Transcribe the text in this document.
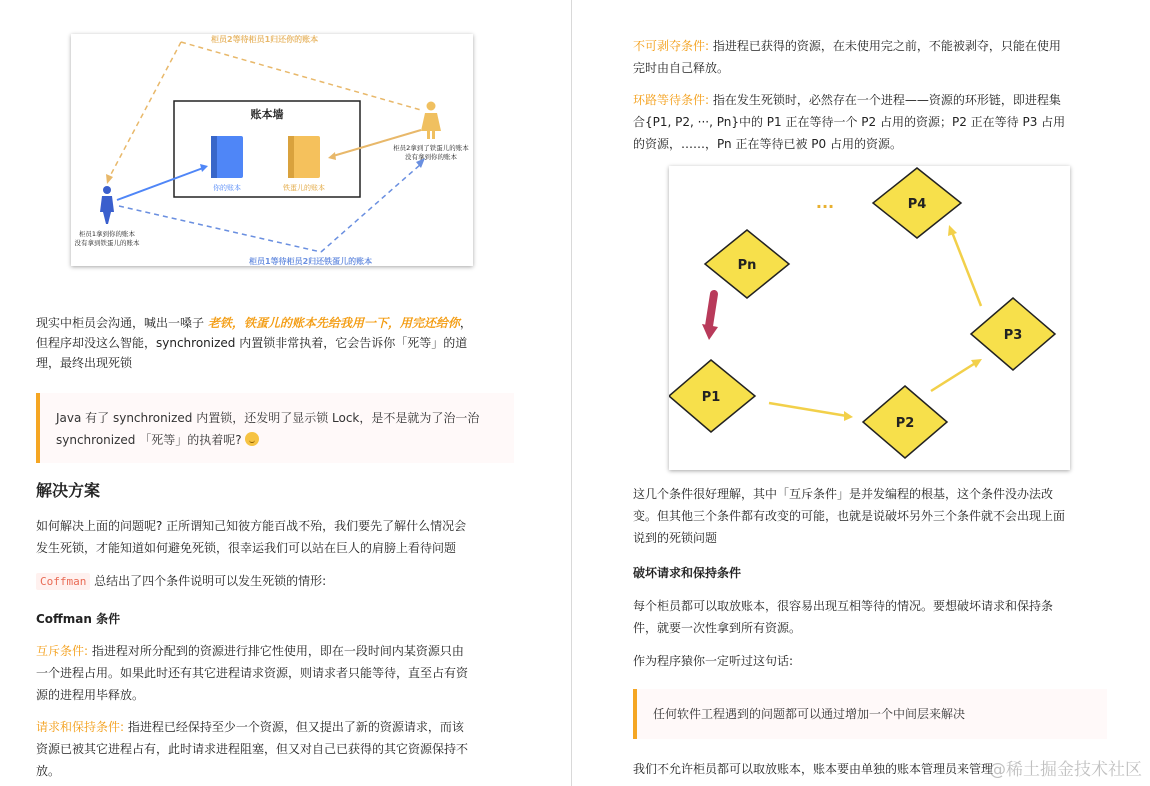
账本墙
你的账本	铁蛋儿的账本
柜员2等待柜员1归还你的账本
柜员1等待柜员2归还铁蛋儿的账本
柜员1拿到你的账本
没有拿到铁蛋儿的账本
柜员2拿到了铁蛋儿的账本
没有拿到你的账本

现实中柜员会沟通，喊出一嗓子 老铁，铁蛋儿的账本先给我用一下，用完还给你，

但程序却没这么智能，synchronized 内置锁非常执着，它会告诉你「死等」的道

理，最终出现死锁

Java 有了 synchronized 内置锁，还发明了显示锁 Lock，是不是就为了治一治
synchronized 「死等」的执着呢?
解决方案

如何解决上面的问题呢? 正所谓知己知彼方能百战不殆，我们要先了解什么情况会

发生死锁，才能知道如何避免死锁，很幸运我们可以站在巨人的肩膀上看待问题

Coffman 总结出了四个条件说明可以发生死锁的情形:

Coffman 条件

互斥条件: 指进程对所分配到的资源进行排它性使用，即在一段时间内某资源只由

一个进程占用。如果此时还有其它进程请求资源，则请求者只能等待，直至占有资

源的进程用毕释放。

请求和保持条件: 指进程已经保持至少一个资源，但又提出了新的资源请求，而该

资源已被其它进程占有，此时请求进程阻塞，但又对自己已获得的其它资源保持不

放。

不可剥夺条件: 指进程已获得的资源，在未使用完之前，不能被剥夺，只能在使用

完时由自己释放。

环路等待条件: 指在发生死锁时，必然存在一个进程——资源的环形链，即进程集

合{P1, P2, ···, Pn}中的 P1 正在等待一个 P2 占用的资源；P2 正在等待 P3 占用

的资源，……，Pn 正在等待已被 P0 占用的资源。

Pn
P4
P3
P2
P1
...

这几个条件很好理解，其中「互斥条件」是并发编程的根基，这个条件没办法改

变。但其他三个条件都有改变的可能，也就是说破坏另外三个条件就不会出现上面

说到的死锁问题

破坏请求和保持条件

每个柜员都可以取放账本，很容易出现互相等待的情况。要想破坏请求和保持条

件，就要一次性拿到所有资源。

作为程序猿你一定听过这句话:

任何软件工程遇到的问题都可以通过增加一个中间层来解决

我们不允许柜员都可以取放账本，账本要由单独的账本管理员来管理

@稀土掘金技术社区
